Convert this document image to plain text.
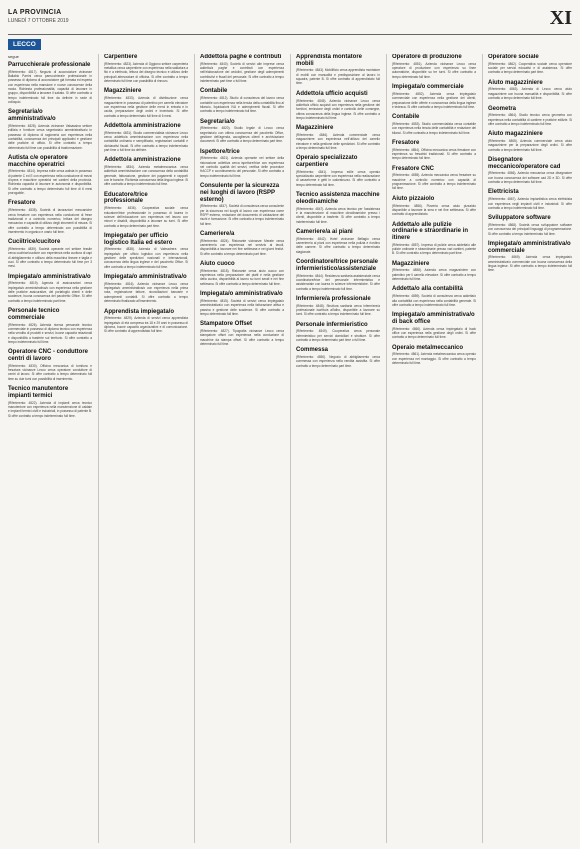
LA PROVINCIA
LUNEDÌ 7 OTTOBRE 2019	XI
LECCO
segue
Parrucchiera/e professionale
(Riferimento: 4817). Negozio di acconciature vicinanze Ballabio Parrini cerca parrucchiera/e professionale in possesso di diploma di acconciatore già formata ed esperta con esperienza nella mansione e nuove conoscenze della moda. Richiesta professionalità, capacità di lavorare in gruppo, disponibilità a lavorare il sabato. Si offre contratto a tempo indeterminato full time da definire in sede di colloquio.
Segretaria/o amministrativa/o
(Riferimento: 4828). Azienda vicinanze Valsassina settore edilizia e forniture cerca segretaria/o amministrativa/o in possesso di diploma di ragioneria con esperienza nella contabilità, conoscenza dei principali applicativi e gestione delle pratiche di ufficio. Si offre contratto a tempo determinato full time con possibilità di trasformazione.
Autista c/e operatore macchine operatrici
(Riferimento: 4814). Impresa edile cerca autista in possesso di patente C ed E con esperienza nella conduzione di mezzi d'opera e macchine operatrici nei cantieri della provincia. Richiesta capacità di lavorare in autonomia e disponibilità. Si offre contratto a tempo determinato full time di 6 mesi prorogabile.
Fresatore
(Riferimento: 4835). Società di lavorazioni meccaniche cerca fresatore con esperienza nella conduzione di frese tradizionali e a controllo numerico, lettura del disegno meccanico e capacità di utilizzo degli strumenti di misura. Si offre contratto a tempo determinato con possibilità di inserimento in organico e orario full time.
Cuciitrice/cucitore
(Riferimento: 4839). Società operante nel settore tessile cerca cucitrice/cucitore con esperienza nella cucitura di capi di abbigliamento e utilizzo della macchina lineare e taglia e cuci. Si offre contratto a tempo determinato full time per 3 mesi.
Impiegata/o amministrativa/o
(Riferimento: 4819). Agenzia di assicurazioni cerca impiegata/o amministrativa/o con esperienza nella gestione delle pratiche assicurative, del portafoglio clienti e delle scadenze, buona conoscenza del pacchetto Office. Si offre contratto a tempo indeterminato part time.
Personale tecnico commerciale
(Riferimento: 4826). Azienda ricerca personale tecnico commerciale in possesso di diploma tecnico con esperienza nella vendita di prodotti e servizi, buone capacità relazionali e disponibilità a trasferte sul territorio. Si offre contratto a tempo indeterminato full time.
Operatore CNC - conduttore centri di lavoro
(Riferimento: 4830). Officina meccanica di tornitura e fresatura vicinanze Lecco cerca operatore conduttore di centri di lavoro. Si offre contratto a tempo determinato full time su due turni con possibilità di inserimento.
Tecnico manutentore impianti termici
(Riferimento: 4822). Azienda di impianti cerca tecnico manutentore con esperienza nella manutenzione di caldaie e impianti termici civili e industriali, in possesso di patente B. Si offre contratto a tempo indeterminato full time.
Carpentiere
(Riferimento: 4823). Azienda di Oggiono settore carpenteria metallica cerca carpentiere con esperienza nella saldatura a filo e a elettrodo, lettura del disegno tecnico e utilizzo delle principali attrezzature di officina. Si offre contratto a tempo determinato full time con possibilità di rinnovo.
Magazziniere
(Riferimento: 4833). Azienda di distribuzione cerca magazziniere in possesso di patentino per carrello elevatore con esperienza nella gestione delle merci in entrata e in uscita, preparazione degli ordini e inventario. Si offre contratto a tempo determinato full time di 6 mesi.
Addetto/a amministrazione
(Riferimento: 4831). Studio commercialista vicinanze Lecco cerca addetto/a amministrazione con esperienza nella contabilità ordinaria e semplificata, registrazioni contabili e dichiarativi fiscali. Si offre contratto a tempo indeterminato part time o full time da definire.
Addetto/a amministrazione
(Riferimento: 4834). Azienda metalmeccanica cerca addetto/a amministrazione con conoscenza della contabilità generale, fatturazione, gestione dei pagamenti e rapporti con le banche. Richiesta conoscenza della lingua inglese. Si offre contratto a tempo indeterminato full time.
Educatore/trice professionale
(Riferimento: 4836). Cooperativa sociale cerca educatore/trice professionale in possesso di laurea in scienze dell'educazione con esperienza nel lavoro con minori e disabili, disponibilità a lavorare su turni. Si offre contratto a tempo determinato part time.
Impiegata/o per ufficio logistico Italia ed estero
(Riferimento: 4838). Azienda di Valmadrera cerca impiegata/o per ufficio logistico con esperienza nella gestione delle spedizioni nazionali e internazionali, conoscenza della lingua inglese e del pacchetto Office. Si offre contratto a tempo indeterminato full time.
Impiegata/o amministrativa/o
(Riferimento: 4816). Azienda vicinanze Lecco cerca impiegata/o amministrativa/o con esperienza nella prima nota, registrazione fatture, riconciliazioni bancarie e adempimenti contabili. Si offre contratto a tempo determinato finalizzato all'inserimento.
Apprendista impiegata/o
(Riferimento: 4829). Azienda di servizi cerca apprendista impiegata/o di età compresa tra 18 e 29 anni in possesso di diploma, buone capacità organizzative e di comunicazione. Si offre contratto di apprendistato full time.
Addetto/a paghe e contributi
(Riferimento: 4840). Società di servizi alle imprese cerca addetto/a paghe e contributi con esperienza nell'elaborazione dei cedolini, gestione degli adempimenti contributivi e fiscali del personale. Si offre contratto a tempo indeterminato part time o full time.
Contabile
(Riferimento: 4812). Studio di consulenza del lavoro cerca contabile con esperienza nella tenuta della contabilità fino al bilancio, liquidazioni IVA e adempimenti fiscali. Si offre contratto a tempo indeterminato full time.
Segretaria/o
(Riferimento: 4820). Studio legale di Lecco cerca segretaria/o con ottima conoscenza del pacchetto Office, gestione dell'agenda, accoglienza clienti e archiviazione documenti. Si offre contratto a tempo determinato part time.
Ispettore/trice
(Riferimento: 4821). Azienda operante nel settore della ristorazione collettiva cerca ispettore/trice con esperienza nel controllo qualità dei servizi, verifica delle procedure HACCP e coordinamento del personale. Si offre contratto a tempo indeterminato full time.
Consulente per la sicurezza nei luoghi di lavoro (RSPP esterno)
(Riferimento: 4837). Società di consulenza cerca consulente per la sicurezza nei luoghi di lavoro con esperienza come RSPP esterno, redazione del documento di valutazione dei rischi e formazione. Si offre contratto a tempo indeterminato full time.
Cameriere/a
(Riferimento: 4824). Ristorante vicinanze Merate cerca cameriere/a con esperienza nel servizio ai tavoli, disponibilità a lavorare nei fine settimana e nei giorni festivi. Si offre contratto a tempo determinato part time.
Aiuto cuoco
(Riferimento: 4818). Ristorante cerca aiuto cuoco con esperienza nella preparazione dei piatti e nella gestione della cucina, disponibilità al lavoro su turni serali e nei fine settimana. Si offre contratto a tempo determinato full time.
Impiegata/o amministrativa/o
(Riferimento: 4815). Società di servizi cerca impiegata/o amministrativa/o con esperienza nella fatturazione attiva e passiva e gestione delle scadenze. Si offre contratto a tempo determinato full time.
Stampatore Offset
(Riferimento: 4827). Tipografia vicinanze Lecco cerca stampatore offset con esperienza nella conduzione di macchine da stampa offset. Si offre contratto a tempo determinato full time.
Apprendista montatore mobili
(Riferimento: 4843). Mobilificio cerca apprendista montatore di mobili con manualità e predisposizione al lavoro in squadra, patente B. Si offre contratto di apprendistato full time.
Addetto/a ufficio acquisti
(Riferimento: 4845). Azienda vicinanze Lecco cerca addetto/a ufficio acquisti con esperienza nella gestione dei fornitori, emissione degli ordini e controllo delle consegne, ottima conoscenza della lingua inglese. Si offre contratto a tempo indeterminato full time.
Magazziniere
(Riferimento: 4846). Azienda commerciale cerca magazziniere con esperienza nell'utilizzo del carrello elevatore e nella gestione delle spedizioni. Si offre contratto a tempo determinato full time.
Operaio specializzato carpentiere
(Riferimento: 4841). Impresa edile cerca operaio specializzato carpentiere con esperienza nella realizzazione di casseforme e getti in calcestruzzo. Si offre contratto a tempo determinato full time.
Tecnico assistenza macchine oleodinamiche
(Riferimento: 4847). Azienda cerca tecnico per l'assistenza e la manutenzione di macchine oleodinamiche presso i clienti, disponibile a trasferte. Si offre contratto a tempo indeterminato full time.
Cameriere/a ai piani
(Riferimento: 4842). Hotel vicinanze Bellagio cerca cameriere/a ai piani con esperienza nella pulizia e riordino delle camere. Si offre contratto a tempo determinato stagionale.
Coordinatore/trice personale infermieristico/assistenziale
(Riferimento: 4844). Residenza sanitaria assistenziale cerca coordinatore/trice del personale infermieristico e assistenziale con laurea in scienze infermieristiche. Si offre contratto a tempo indeterminato full time.
Infermiere/a professionale
(Riferimento: 4848). Struttura sanitaria cerca infermiere/a professionale iscritto/a all'albo, disponibile a lavorare su turni. Si offre contratto a tempo indeterminato full time.
Personale infermieristico
(Riferimento: 4849). Cooperativa cerca personale infermieristico per servizi domiciliari e strutture. Si offre contratto a tempo determinato part time o full time.
Commessa
(Riferimento: 4850). Negozio di abbigliamento cerca commessa con esperienza nella vendita assistita. Si offre contratto a tempo determinato part time.
Operatore di produzione
(Riferimento: 4851). Azienda vicinanze Lecco cerca operatore di produzione con esperienza su linee automatiche, disponibile su tre turni. Si offre contratto a tempo determinato full time.
Impiegata/o commerciale
(Riferimento: 4852). Azienda cerca impiegata/o commerciale con esperienza nella gestione dei clienti, preparazione delle offerte e conoscenza della lingua inglese e tedesca. Si offre contratto a tempo indeterminato full time.
Contabile
(Riferimento: 4853). Studio commercialista cerca contabile con esperienza nella tenuta delle contabilità e redazione dei bilanci. Si offre contratto a tempo indeterminato full time.
Fresatore
(Riferimento: 4854). Officina meccanica cerca fresatore con esperienza su fresatrici tradizionali. Si offre contratto a tempo determinato full time.
Fresatore CNC
(Riferimento: 4855). Azienda meccanica cerca fresatore su macchine a controllo numerico con capacità di programmazione. Si offre contratto a tempo indeterminato full time.
Aiuto pizzaiolo
(Riferimento: 4856). Pizzeria cerca aiuto pizzaiolo disponibile a lavorare la sera e nei fine settimana. Si offre contratto di apprendistato.
Addetta/o alle pulizie ordinarie e straordinarie in itinere
(Riferimento: 4857). Impresa di pulizie cerca addetta/o alle pulizie ordinarie e straordinarie presso vari cantieri, patente B. Si offre contratto a tempo determinato part time.
Magazziniere
(Riferimento: 4858). Azienda cerca magazziniere con patentino per il carrello elevatore. Si offre contratto a tempo determinato full time.
Addetta/o alla contabilità
(Riferimento: 4859). Società di consulenza cerca addetta/o alla contabilità con esperienza nella contabilità generale. Si offre contratto a tempo indeterminato full time.
Impiegata/o amministrativa/o di back office
(Riferimento: 4860). Azienda cerca impiegata/o di back office con esperienza nella gestione degli ordini. Si offre contratto a tempo determinato full time.
Operaio metalmeccanico
(Riferimento: 4861). Azienda metalmeccanica cerca operaio con esperienza nel montaggio. Si offre contratto a tempo determinato full time.
Operatore sociale
(Riferimento: 4862). Cooperativa sociale cerca operatore sociale per servizi educativi e di assistenza. Si offre contratto a tempo determinato part time.
Aiuto magazziniere
(Riferimento: 4863). Azienda di Lecco cerca aiuto magazziniere con buona manualità e disponibilità. Si offre contratto a tempo determinato full time.
Geometra
(Riferimento: 4864). Studio tecnico cerca geometra con esperienza nella contabilità di cantiere e pratiche edilizie. Si offre contratto a tempo indeterminato full time.
Aiuto magazziniere
(Riferimento: 4865). Azienda commerciale cerca aiuto magazziniere per la preparazione degli ordini. Si offre contratto a tempo determinato full time.
Disegnatore meccanico/operatore cad
(Riferimento: 4866). Azienda meccanica cerca disegnatore con buona conoscenza dei software cad 2D e 3D. Si offre contratto a tempo determinato full time.
Elettricista
(Riferimento: 4867). Azienda impiantistica cerca elettricista con esperienza negli impianti civili e industriali. Si offre contratto a tempo indeterminato full time.
Sviluppatore software
(Riferimento: 4868). Società cerca sviluppatore software con conoscenza dei principali linguaggi di programmazione. Si offre contratto a tempo indeterminato full time.
Impiegata/o amministrativa/o commerciale
(Riferimento: 4869). Azienda cerca impiegata/o amministrativa/o commerciale con buona conoscenza della lingua inglese. Si offre contratto a tempo indeterminato full time.
